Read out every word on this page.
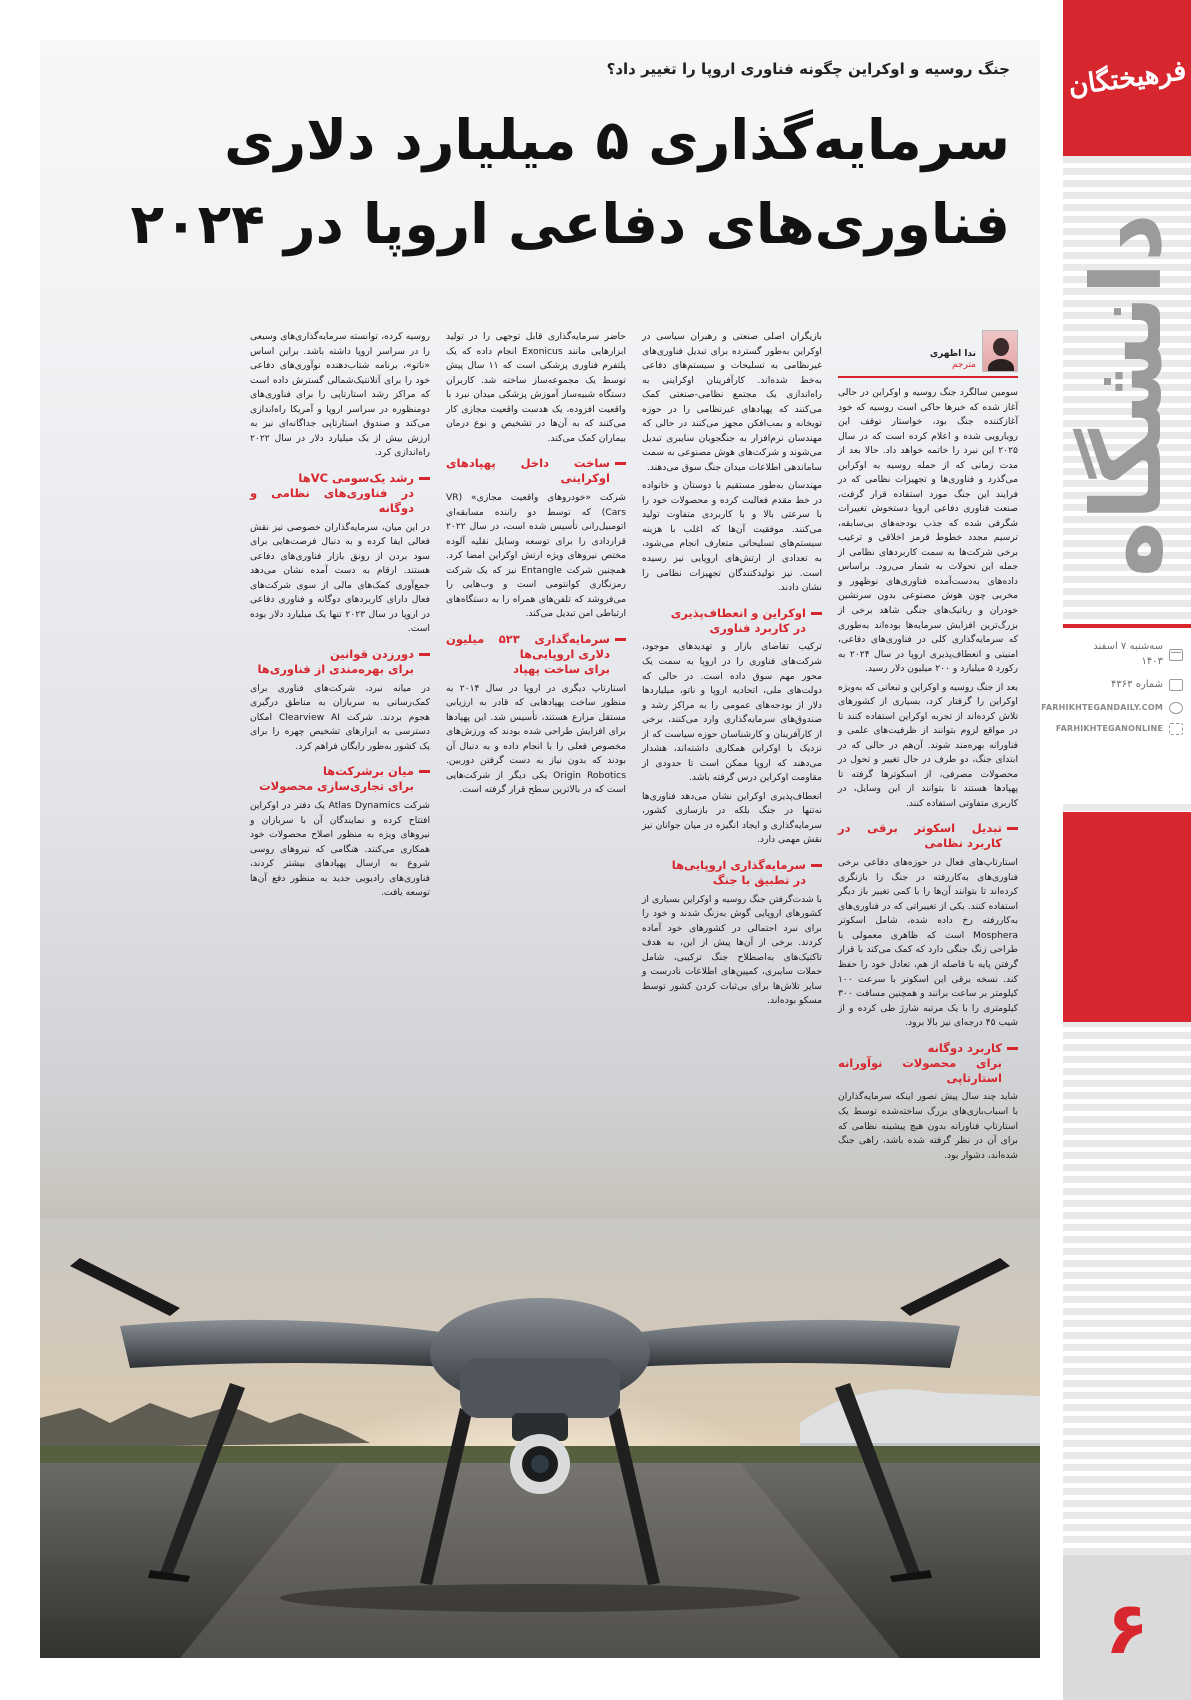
فرهیختگان
دانشگاه
سه‌شنبه ۷ اسفند ۱۴۰۳
شماره ۴۳۶۳
FARHIKHTEGANDAILY.COM
FARHIKHTEGANONLINE
۶
جنگ روسیه و اوکراین چگونه فناوری اروپا را تغییر داد؟
سرمایه‌گذاری ۵ میلیارد دلاری
فناوری‌های دفاعی اروپا در ۲۰۲۴
ندا اظهری
مترجم

سومین سالگرد جنگ روسیه و اوکراین در حالی آغاز شده که خبرها حاکی است روسیه که خود آغازکننده جنگ بود، خواستار توقف این رویارویی شده و اعلام کرده است که در سال ۲۰۲۵ این نبرد را خاتمه خواهد داد. حالا بعد از مدت زمانی که از حمله روسیه به اوکراین می‌گذرد و فناوری‌ها و تجهیزات نظامی که در فرایند این جنگ مورد استفاده قرار گرفت، صنعت فناوری دفاعی اروپا دستخوش تغییرات شگرفی شده که جذب بودجه‌های بی‌سابقه، ترسیم مجدد خطوط قرمز اخلاقی و ترغیب برخی شرکت‌ها به سمت کاربردهای نظامی از جمله این تحولات به شمار می‌رود. براساس داده‌های به‌دست‌آمده فناوری‌های نوظهور و مخربی چون هوش مصنوعی بدون سرنشین خودران و رباتیک‌های جنگی شاهد برخی از بزرگ‌ترین افزایش سرمایه‌ها بوده‌اند به‌طوری که سرمایه‌گذاری کلی در فناوری‌های دفاعی، امنیتی و انعطاف‌پذیری اروپا در سال ۲۰۲۴ به رکورد ۵ میلیارد و ۲۰۰ میلیون دلار رسید.

بعد از جنگ روسیه و اوکراین و تبعاتی که به‌ویژه اوکراین را گرفتار کرد، بسیاری از کشورهای تلاش کرده‌اند از تجربه اوکراین استفاده کنند تا در مواقع لزوم بتوانند از ظرفیت‌های علمی و فناورانه بهره‌مند شوند. آن‌هم در حالی که در ابتدای جنگ، دو طرف در حال تغییر و تحول در محصولات مصرفی، از اسکوترها گرفته تا پهپادها هستند تا بتوانند از این وسایل، در کاربری متفاوتی استفاده کنند.

تبدیل اسکوتر برقی در کاربرد نظامی

استارتاپ‌های فعال در حوزه‌های دفاعی برخی فناوری‌های به‌کاررفته در جنگ را بازنگری کرده‌اند تا بتوانند آن‌ها را با کمی تغییر باز دیگر استفاده کنند. یکی از تغییراتی که در فناوری‌های به‌کاررفته رخ داده شده، شامل اسکوتر Mosphera است که ظاهری معمولی با طراحی زنگ جنگی دارد که کمک می‌کند با قرار گرفتن پایه با فاصله از هم، تعادل خود را حفظ کند. نسخه برقی این اسکوتر با سرعت ۱۰۰ کیلومتر بر ساعت برانند و همچنین مسافت ۳۰۰ کیلومتری را با یک مرتبه شارژ طی کرده و از شیب ۴۵ درجه‌ای نیز بالا برود.

کاربرد دوگانه
برای محصولات نوآورانه استارتاپی

شاید چند سال پیش تصور اینکه سرمایه‌گذاران با اسباب‌بازی‌های بزرگ ساخته‌شده توسط یک استارتاپ فناورانه بدون هیچ پیشینه نظامی که برای آن در نظر گرفته شده باشد، راهی جنگ شده‌اند، دشوار بود.

بازیگران اصلی صنعتی و رهبران سیاسی در اوکراین به‌طور گسترده برای تبدیل فناوری‌های غیرنظامی به تسلیحات و سیستم‌های دفاعی به‌خط شده‌اند. کارآفرینان اوکراینی به راه‌اندازی یک مجتمع نظامی-صنعتی کمک می‌کنند که پهپادهای غیرنظامی را در حوزه تویخانه و بمب‌افکن مجهز می‌کنند در حالی که مهندسان نرم‌افزار به جنگجویان سایبری تبدیل می‌شوند و شرکت‌های هوش مصنوعی به سمت ساماندهی اطلاعات میدان جنگ سوق می‌دهند.

مهندسان به‌طور مستقیم با دوستان و خانواده در خط مقدم فعالیت کرده و محصولات خود را با سرعتی بالا و با کاربردی متفاوت تولید می‌کنند. موفقیت آن‌ها که اغلب با هزینه سیستم‌های تسلیحاتی متعارف انجام می‌شود، به تعدادی از ارتش‌های اروپایی نیز رسیده است. نیز تولیدکنندگان تجهیزات نظامی را نشان دادند.

اوکراین و انعطاف‌پذیری
در کاربرد فناوری

ترکیب تقاضای بازار و تهدیدهای موجود، شرکت‌های فناوری را در اروپا به سمت یک محور مهم سوق داده است. در حالی که دولت‌های ملی، اتحادیه اروپا و ناتو، میلیاردها دلار از بودجه‌های عمومی را به مراکز رشد و صندوق‌های سرمایه‌گذاری وارد می‌کنند، برخی از کارآفرینان و کارشناسان حوزه سیاست که از نزدیک با اوکراین همکاری داشته‌اند، هشدار می‌دهند که اروپا ممکن است تا حدودی از مقاومت اوکراین درس گرفته باشد.

انعطاف‌پذیری اوکراین نشان می‌دهد فناوری‌ها نه‌تنها در جنگ بلکه در بازسازی کشور، سرمایه‌گذاری و ایجاد انگیزه در میان جوانان نیز نقش مهمی دارد.

سرمایه‌گذاری اروپایی‌ها
در تطبیق با جنگ

با شدت‌گرفتن جنگ روسیه و اوکراین بسیاری از کشورهای اروپایی گوش به‌زنگ شدند و خود را برای نبرد احتمالی در کشورهای خود آماده کردند. برخی از آن‌ها پیش از این، به هدف تاکتیک‌های به‌اصطلاح جنگ ترکیبی، شامل حملات سایبری، کمپین‌های اطلاعات نادرست و سایر تلاش‌ها برای بی‌ثبات کردن کشور توسط مسکو بوده‌اند.

حاضر سرمایه‌گذاری قابل توجهی را در تولید ابزارهایی مانند Exonicus انجام داده که یک پلتفرم فناوری پزشکی است که ۱۱ سال پیش توسط یک مجموعه‌ساز ساخته شد. کاربران دستگاه شبیه‌ساز آموزش پزشکی میدان نبرد با واقعیت افزوده، یک هدست واقعیت مجازی کار می‌کنند که به آن‌ها در تشخیص و نوع درمان بیماران کمک می‌کند.

ساخت داخل پهپادهای اوکراینی

شرکت «خودروهای واقعیت مجازی» (VR Cars) که توسط دو راننده مسابقه‌ای اتومبیل‌رانی تأسیس شده است، در سال ۲۰۲۲ قراردادی را برای توسعه وسایل نقلیه آلوده مختص نیروهای ویژه ارتش اوکراین امضا کرد. همچنین شرکت Entangle نیز که یک شرکت رمزنگاری کوانتومی است و وب‌هایی را می‌فروشد که تلفن‌های همراه را به دستگاه‌های ارتباطی امن تبدیل می‌کند.

سرمایه‌گذاری ۵۲۳ میلیون دلاری اروپایی‌ها
برای ساخت پهپاد

استارتاپ دیگری در اروپا در سال ۲۰۱۴ به منظور ساخت پهپادهایی که قادر به ارزیابی مستقل مزارع هستند، تأسیس شد. این پهپادها برای افزایش طراحی شده بودند که ورزش‌های مخصوص فعلی را با انجام داده و به دنبال آن بودند که بدون نیاز به دست گرفتن دوربین. Origin Robotics یکی دیگر از شرکت‌هایی است که در بالاترین سطح قرار گرفته است.

روسیه کرده، توانسته سرمایه‌گذاری‌های وسیعی را در سراسر اروپا داشته باشد. براین اساس «ناتو»، برنامه شتاب‌دهنده نوآوری‌های دفاعی خود را برای آتلانتیک‌شمالی گسترش داده است که مراکز رشد استارتاپی را برای فناوری‌های دومنظوره در سراسر اروپا و آمریکا راه‌اندازی می‌کند و صندوق استارتاپی جداگانه‌ای نیز به ارزش بیش از یک میلیارد دلار در سال ۲۰۲۲ راه‌اندازی کرد.

رشد یک‌سومی VCها
در فناوری‌های نظامی و دوگانه

در این میان، سرمایه‌گذاران خصوصی نیز نقش فعالی ایفا کرده و به دنبال فرصت‌هایی برای سود بردن از رونق بازار فناوری‌های دفاعی هستند. ارقام به دست آمده نشان می‌دهد جمع‌آوری کمک‌های مالی از سوی شرکت‌های فعال دارای کاربردهای دوگانه و فناوری دفاعی در اروپا در سال ۲۰۲۳ تنها یک میلیارد دلار بوده است.

دورزدن قوانین
برای بهره‌مندی از فناوری‌ها

در میانه نبرد، شرکت‌های فناوری برای کمک‌رسانی به سربازان به مناطق درگیری هجوم بردند. شرکت Clearview AI امکان دسترسی به ابزارهای تشخیص چهره را برای یک کشور به‌طور رایگان فراهم کرد.

میان برشرکت‌ها
برای تجاری‌سازی محصولات

شرکت Atlas Dynamics یک دفتر در اوکراین افتتاح کرده و نمایندگان آن با سربازان و نیروهای ویژه به منظور اصلاح محصولات خود همکاری می‌کنند. هنگامی که نیروهای روسی شروع به ارسال پهپادهای بیشتر کردند، فناوری‌های رادیویی جدید به منظور دفع آن‌ها توسعه یافت.
